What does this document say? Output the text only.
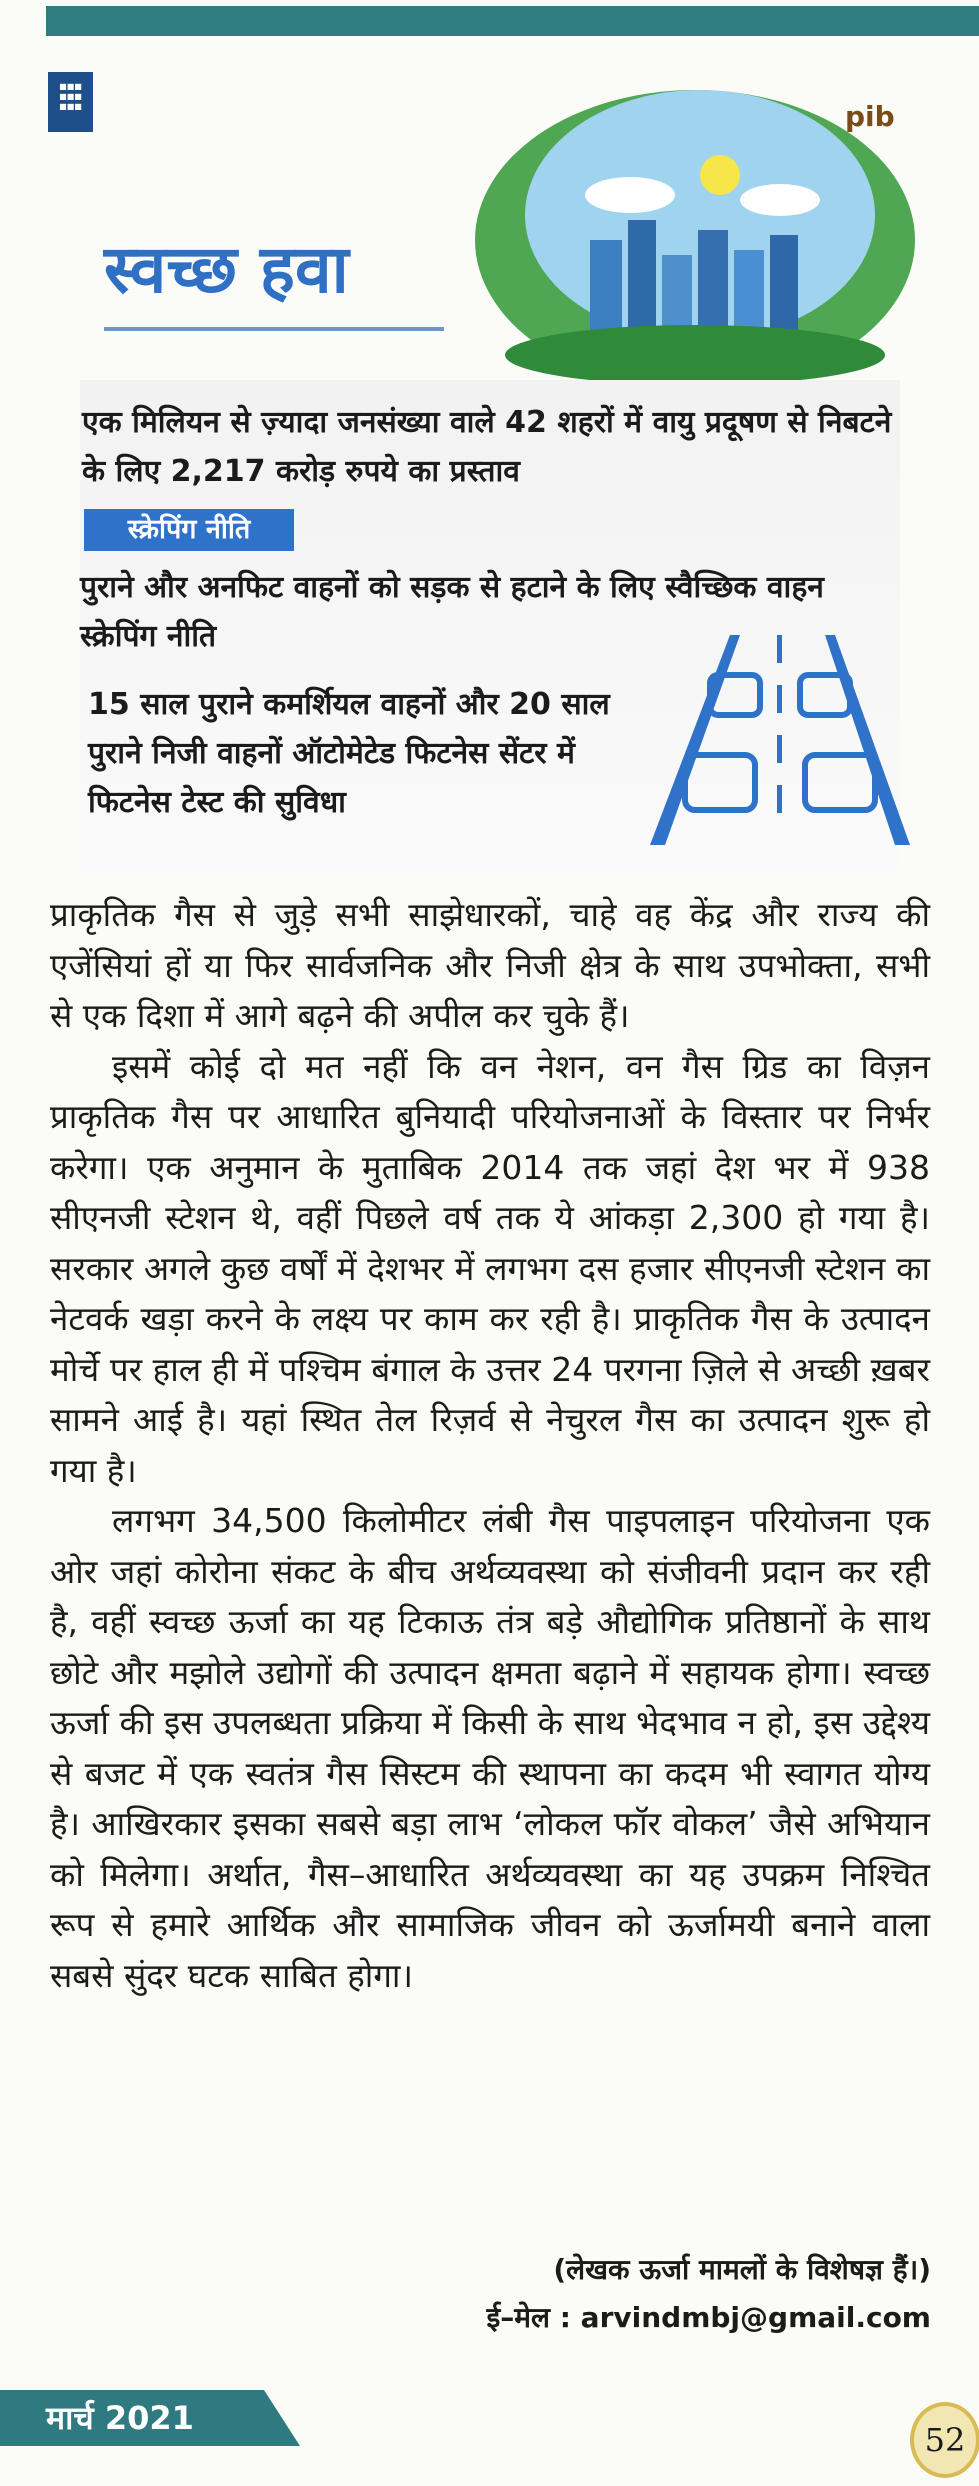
■■■
■■■
■■■	pib
स्वच्छ हवा

एक मिलियन से ज़्यादा जनसंख्या वाले 42 शहरों में वायु प्रदूषण से निबटने के लिए 2,217 करोड़ रुपये का प्रस्ताव

स्क्रेपिंग नीति

पुराने और अनफिट वाहनों को सड़क से हटाने के लिए स्वैच्छिक वाहन स्क्रेपिंग नीति

15 साल पुराने कमर्शियल वाहनों और 20 साल पुराने निजी वाहनों ऑटोमेटेड फिटनेस सेंटर में फिटनेस टेस्ट की सुविधा

प्राकृतिक गैस से जुड़े सभी साझेधारकों, चाहे वह केंद्र और राज्य की एजेंसियां हों या फिर सार्वजनिक और निजी क्षेत्र के साथ उपभोक्ता, सभी से एक दिशा में आगे बढ़ने की अपील कर चुके हैं।

इसमें कोई दो मत नहीं कि वन नेशन, वन गैस ग्रिड का विज़न प्राकृतिक गैस पर आधारित बुनियादी परियोजनाओं के विस्तार पर निर्भर करेगा। एक अनुमान के मुताबिक 2014 तक जहां देश भर में 938 सीएनजी स्टेशन थे, वहीं पिछले वर्ष तक ये आंकड़ा 2,300 हो गया है। सरकार अगले कुछ वर्षों में देशभर में लगभग दस हजार सीएनजी स्टेशन का नेटवर्क खड़ा करने के लक्ष्य पर काम कर रही है। प्राकृतिक गैस के उत्पादन मोर्चे पर हाल ही में पश्चिम बंगाल के उत्तर 24 परगना ज़िले से अच्छी ख़बर सामने आई है। यहां स्थित तेल रिज़र्व से नेचुरल गैस का उत्पादन शुरू हो गया है।

लगभग 34,500 किलोमीटर लंबी गैस पाइपलाइन परियोजना एक ओर जहां कोरोना संकट के बीच अर्थव्यवस्था को संजीवनी प्रदान कर रही है, वहीं स्वच्छ ऊर्जा का यह टिकाऊ तंत्र बड़े औद्योगिक प्रतिष्ठानों के साथ छोटे और मझोले उद्योगों की उत्पादन क्षमता बढ़ाने में सहायक होगा। स्वच्छ ऊर्जा की इस उपलब्धता प्रक्रिया में किसी के साथ भेदभाव न हो, इस उद्देश्य से बजट में एक स्वतंत्र गैस सिस्टम की स्थापना का कदम भी स्वागत योग्य है। आखिरकार इसका सबसे बड़ा लाभ ‘लोकल फॉर वोकल’ जैसे अभियान को मिलेगा। अर्थात, गैस–आधारित अर्थव्यवस्था का यह उपक्रम निश्चित रूप से हमारे आर्थिक और सामाजिक जीवन को ऊर्जामयी बनाने वाला सबसे सुंदर घटक साबित होगा।

(लेखक ऊर्जा मामलों के विशेषज्ञ हैं।)

ई–मेल : arvindmbj@gmail.com

मार्च 2021
52
